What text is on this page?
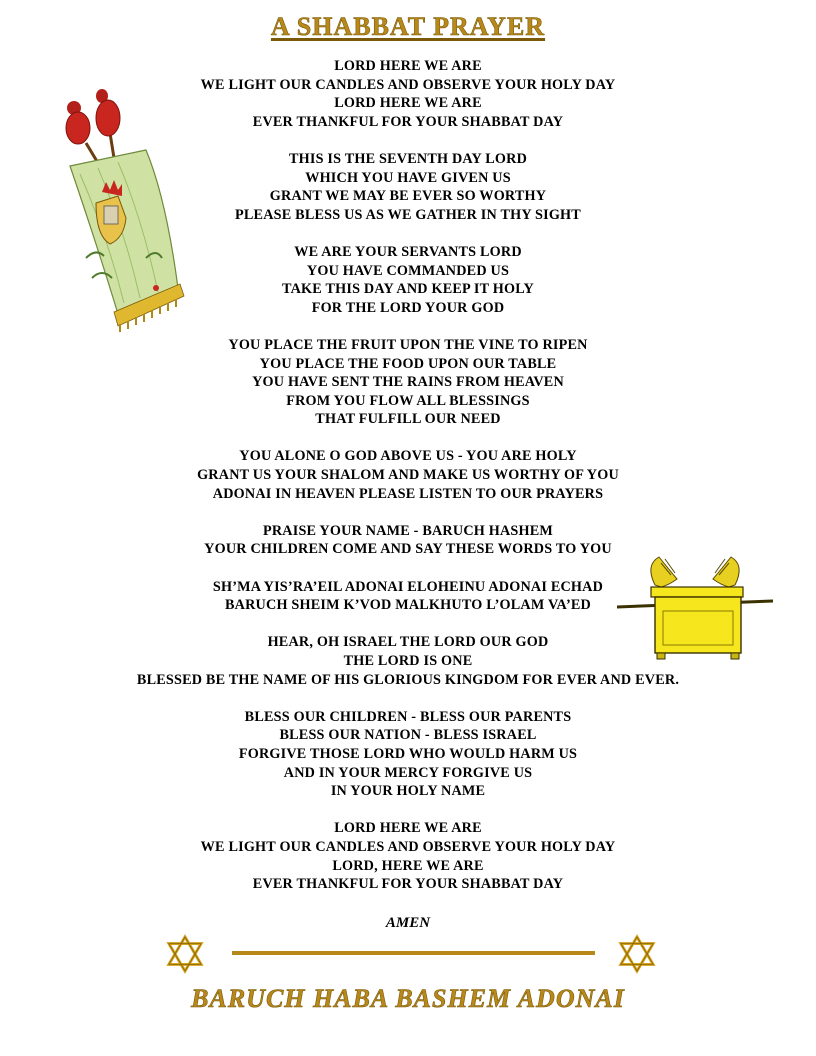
A SHABBAT PRAYER
LORD HERE WE ARE
WE LIGHT OUR CANDLES AND OBSERVE YOUR HOLY DAY
LORD HERE WE ARE
EVER THANKFUL FOR YOUR SHABBAT DAY
THIS IS THE SEVENTH DAY LORD
WHICH YOU HAVE GIVEN US
GRANT WE MAY BE EVER SO WORTHY
PLEASE BLESS US AS WE GATHER IN THY SIGHT
WE ARE YOUR SERVANTS LORD
YOU HAVE COMMANDED US
TAKE THIS DAY AND KEEP IT HOLY
FOR THE LORD YOUR GOD
YOU PLACE THE FRUIT UPON THE VINE TO RIPEN
YOU PLACE THE FOOD UPON OUR TABLE
YOU HAVE SENT THE RAINS FROM HEAVEN
FROM YOU FLOW ALL BLESSINGS
THAT FULFILL OUR NEED
YOU ALONE O GOD ABOVE US - YOU ARE HOLY
GRANT US YOUR SHALOM AND MAKE US WORTHY OF YOU
ADONAI IN HEAVEN PLEASE LISTEN TO OUR PRAYERS
PRAISE YOUR NAME - BARUCH HASHEM
YOUR CHILDREN COME AND SAY THESE WORDS TO YOU
SH’MA YIS’RA’EIL ADONAI ELOHEINU ADONAI ECHAD
BARUCH SHEIM K’VOD MALKHUTO L’OLAM VA’ED
HEAR, OH ISRAEL THE LORD OUR GOD
THE LORD IS ONE
BLESSED BE THE NAME OF HIS GLORIOUS KINGDOM FOR EVER AND EVER.
BLESS OUR CHILDREN - BLESS OUR PARENTS
BLESS OUR NATION - BLESS ISRAEL
FORGIVE THOSE LORD WHO WOULD HARM US
AND IN YOUR MERCY FORGIVE US
IN YOUR HOLY NAME
LORD HERE WE ARE
WE LIGHT OUR CANDLES AND OBSERVE YOUR HOLY DAY
LORD, HERE WE ARE
EVER THANKFUL FOR YOUR SHABBAT DAY
AMEN
BARUCH HABA BASHEM ADONAI
